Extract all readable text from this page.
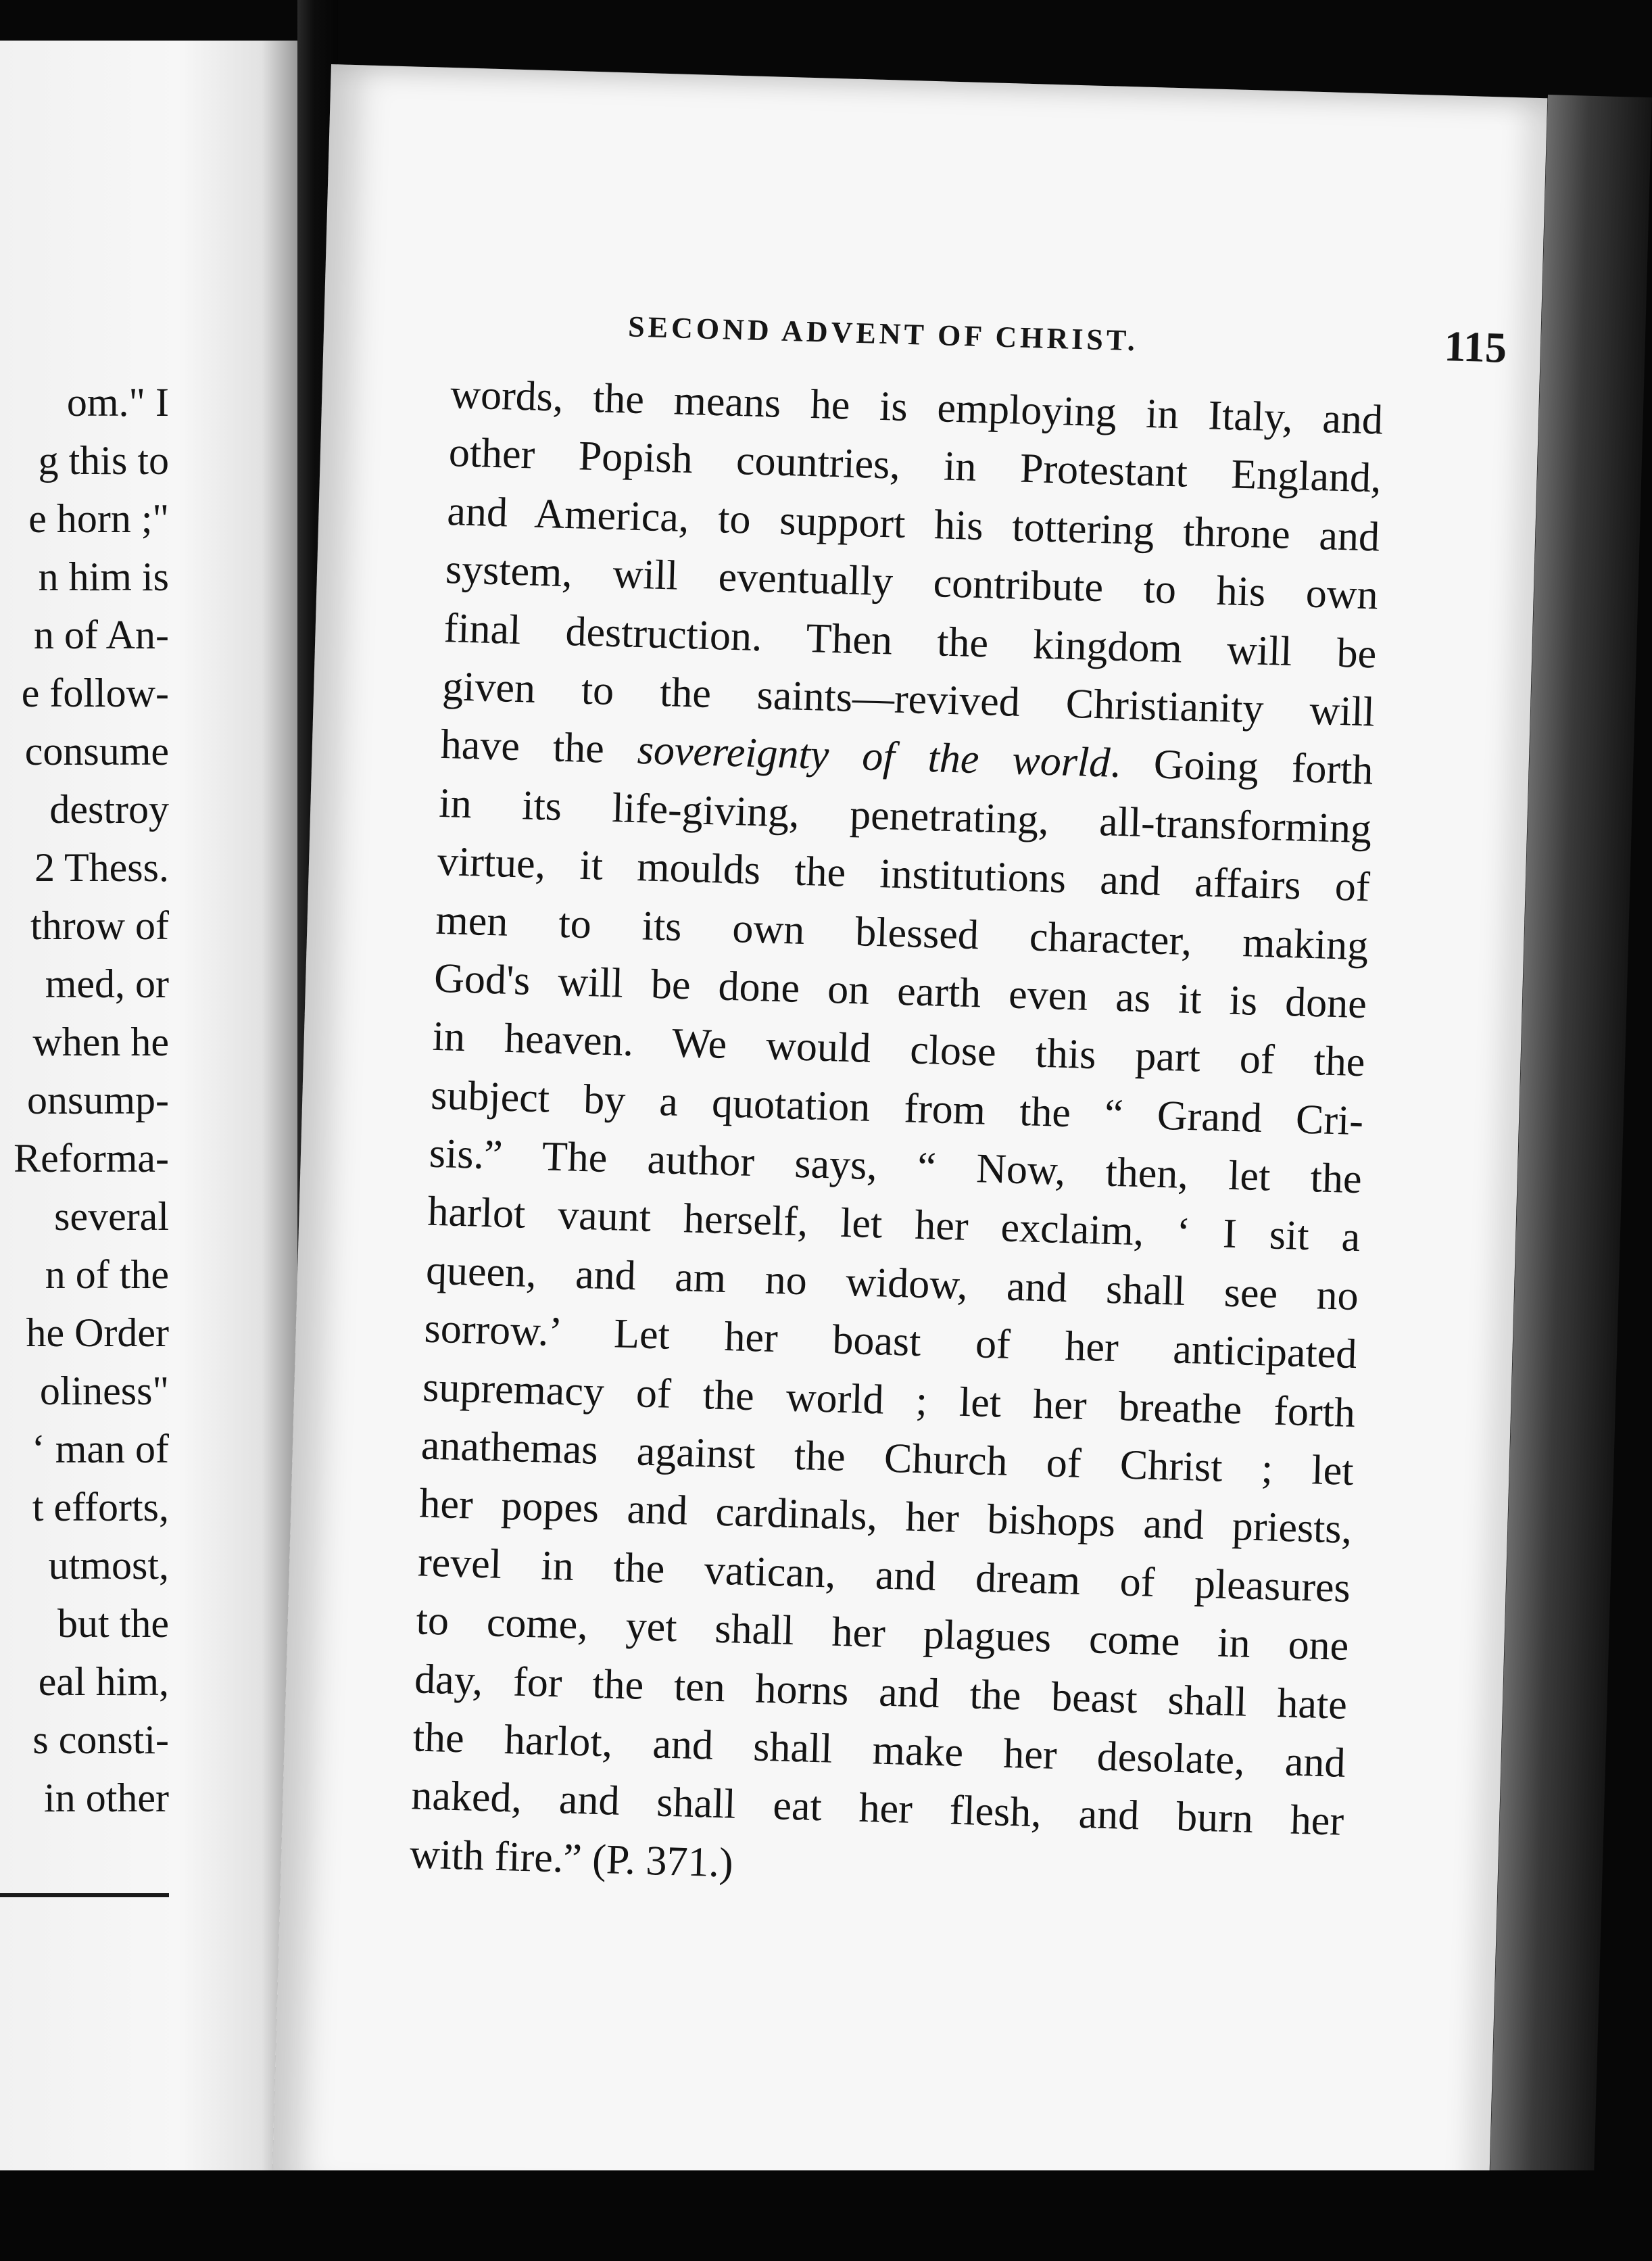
om." I
g this to
e horn ;"
n him is
n of An-
e follow-
consume
destroy
2 Thess.
throw of
med, or
when he
onsump-
Reforma-
several
n of the
he Order
oliness"
‘ man of
t efforts,
utmost,
but the
eal him,
s consti-
in other
SECOND ADVENT OF CHRIST.	115
words, the means he is employing in Italy, and
other Popish countries, in Protestant England,
and America, to support his tottering throne and
system, will eventually contribute to his own
final destruction. Then the kingdom will be
given to the saints—revived Christianity will
have the sovereignty of the world. Going forth
in its life-giving, penetrating, all-transforming
virtue, it moulds the institutions and affairs of
men to its own blessed character, making
God's will be done on earth even as it is done
in heaven. We would close this part of the
subject by a quotation from the “ Grand Cri-
sis.” The author says, “ Now, then, let the
harlot vaunt herself, let her exclaim, ‘ I sit a
queen, and am no widow, and shall see no
sorrow.’ Let her boast of her anticipated
supremacy of the world ; let her breathe forth
anathemas against the Church of Christ ; let
her popes and cardinals, her bishops and priests,
revel in the vatican, and dream of pleasures
to come, yet shall her plagues come in one
day, for the ten horns and the beast shall hate
the harlot, and shall make her desolate, and
naked, and shall eat her flesh, and burn her
with fire.” (P. 371.)
